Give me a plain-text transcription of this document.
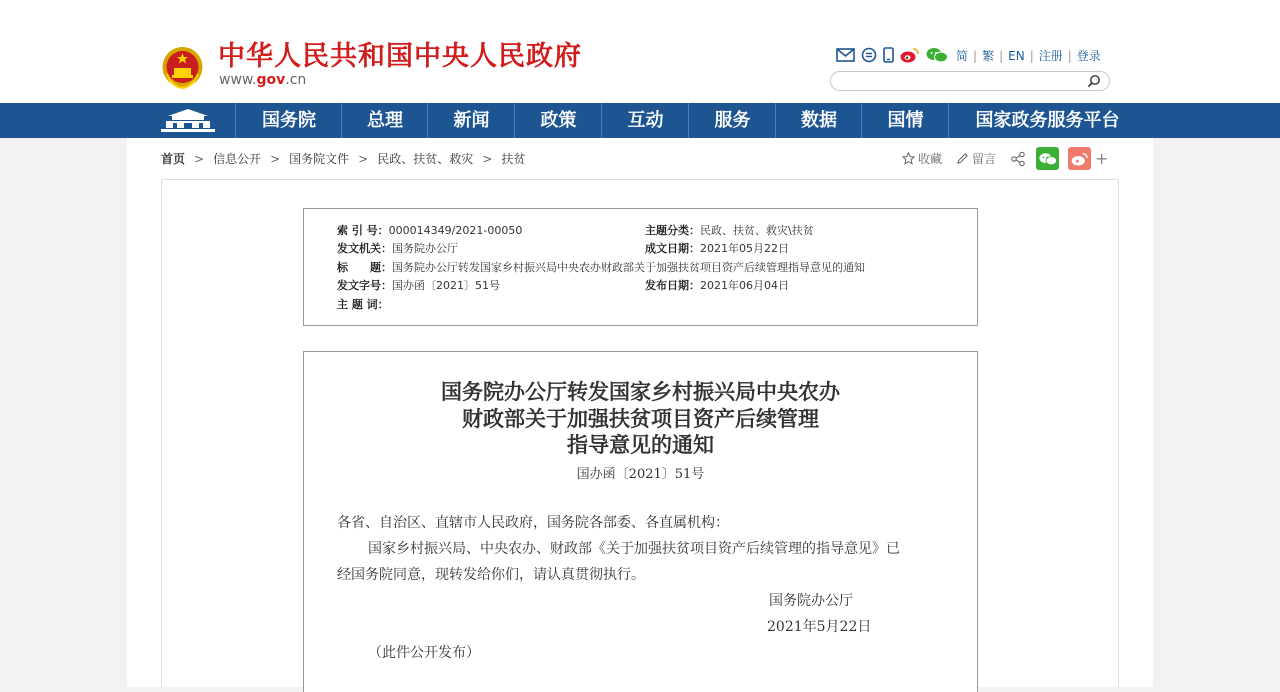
中华人民共和国中央人民政府
www.gov.cn
简 | 繁 | EN | 注册 | 登录
国务院	总理	新闻	政策	互动	服务	数据	国情	国家政务服务平台
首页 > 信息公开 > 国务院文件 > 民政、扶贫、救灾 > 扶贫	收藏	留言	+
索 引 号：000014349/2021-00050	主题分类：民政、扶贫、救灾\扶贫
发文机关：国务院办公厅	成文日期：2021年05月22日
标　　题：国务院办公厅转发国家乡村振兴局中央农办财政部关于加强扶贫项目资产后续管理指导意见的通知
发文字号：国办函〔2021〕51号	发布日期：2021年06月04日
主 题 词：
国务院办公厅转发国家乡村振兴局中央农办
财政部关于加强扶贫项目资产后续管理
指导意见的通知
国办函〔2021〕51号
各省、自治区、直辖市人民政府，国务院各部委、各直属机构：
国家乡村振兴局、中央农办、财政部《关于加强扶贫项目资产后续管理的指导意见》已
经国务院同意，现转发给你们，请认真贯彻执行。
国务院办公厅
2021年5月22日
（此件公开发布）
